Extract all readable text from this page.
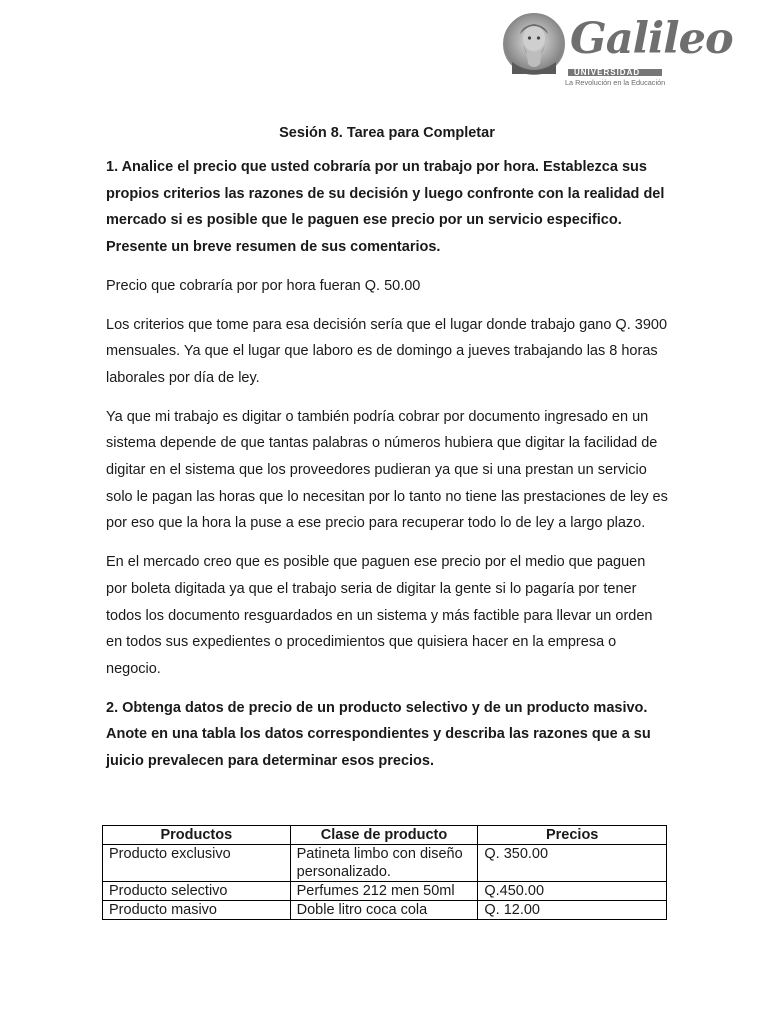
Galileo
UNIVERSIDAD
La Revolución en la Educación
Sesión 8. Tarea para Completar
1. Analice el precio que usted cobraría por un trabajo por hora. Establezca sus propios criterios las razones de su decisión y luego confronte con la realidad del mercado si es posible que le paguen ese precio por un servicio especifico. Presente un breve resumen de sus comentarios.

Precio que cobraría por por hora fueran Q. 50.00

Los criterios que tome para esa decisión sería que el lugar donde trabajo gano Q. 3900 mensuales. Ya que el lugar que laboro es de domingo a jueves trabajando las 8 horas laborales por día de ley.

Ya que mi trabajo es digitar o también podría cobrar por documento ingresado en un sistema depende de que tantas palabras o números hubiera que digitar la facilidad de digitar en el sistema que los proveedores pudieran ya que si una prestan un servicio solo le pagan las horas que lo necesitan por lo tanto no tiene las prestaciones de ley es por eso que la hora la puse a ese precio para recuperar todo lo de ley a largo plazo.

En el mercado creo que es posible que paguen ese precio por el medio que paguen por boleta digitada ya que el trabajo seria de digitar la gente si lo pagaría por tener todos los documento resguardados en un sistema y más factible para llevar un orden en todos sus expedientes o procedimientos que quisiera hacer en la empresa o negocio.

2. Obtenga datos de precio de un producto selectivo y de un producto masivo. Anote en una tabla los datos correspondientes y describa las razones que a su juicio prevalecen para determinar esos precios.
Productos	Clase de producto	Precios
Producto exclusivo	Patineta limbo con diseño personalizado.	Q. 350.00
Producto selectivo	Perfumes 212 men 50ml	Q.450.00
Producto masivo	Doble litro coca cola	Q. 12.00
